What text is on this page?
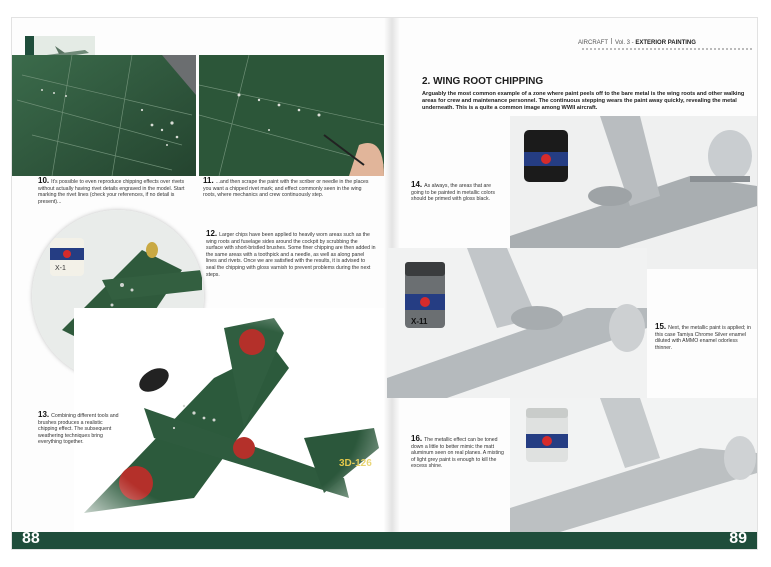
10. It's possible to even reproduce chipping effects over rivets without actually having rivet details engraved in the model. Start marking the rivet lines (check your references, if no detail is present)...
11. ...and then scrape the paint with the scriber or needle in the places you want a chipped rivet mark; and effect commonly seen in the wing roots, where mechanics and crew continuously step.
X-1
12. Larger chips have been applied to heavily worn areas such as the wing roots and fuselage sides around the cockpit by scrubbing the surface with short-bristled brushes. Some finer chipping are then added in the same areas with a toothpick and a needle, as well as along panel lines and rivets. Once we are satisfied with the results, it is advised to seal the chipping with gloss varnish to prevent problems during the next steps.
13. Combining different tools and brushes produces a realistic chipping effect. The subsequent weathering techniques bring everything together.
AIRCRAFT Vol. 3 - EXTERIOR PAINTING
2. WING ROOT CHIPPING
Arguably the most common example of a zone where paint peels off to the bare metal is the wing roots and other walking areas for crew and maintenance personnel. The continuous stepping wears the paint away quickly, revealing the metal underneath. This is a quite a common image among WWII aircraft.
14. As always, the areas that are going to be painted in metallic colors should be primed with gloss black.
X-11
15. Next, the metallic paint is applied; in this case Tamiya Chrome Silver enamel diluted with AMMO enamel odorless thinner.
16. The metallic effect can be toned down a little to better mimic the matt aluminum seen on real planes. A misting of light grey paint is enough to kill the excess shine.
88	89
